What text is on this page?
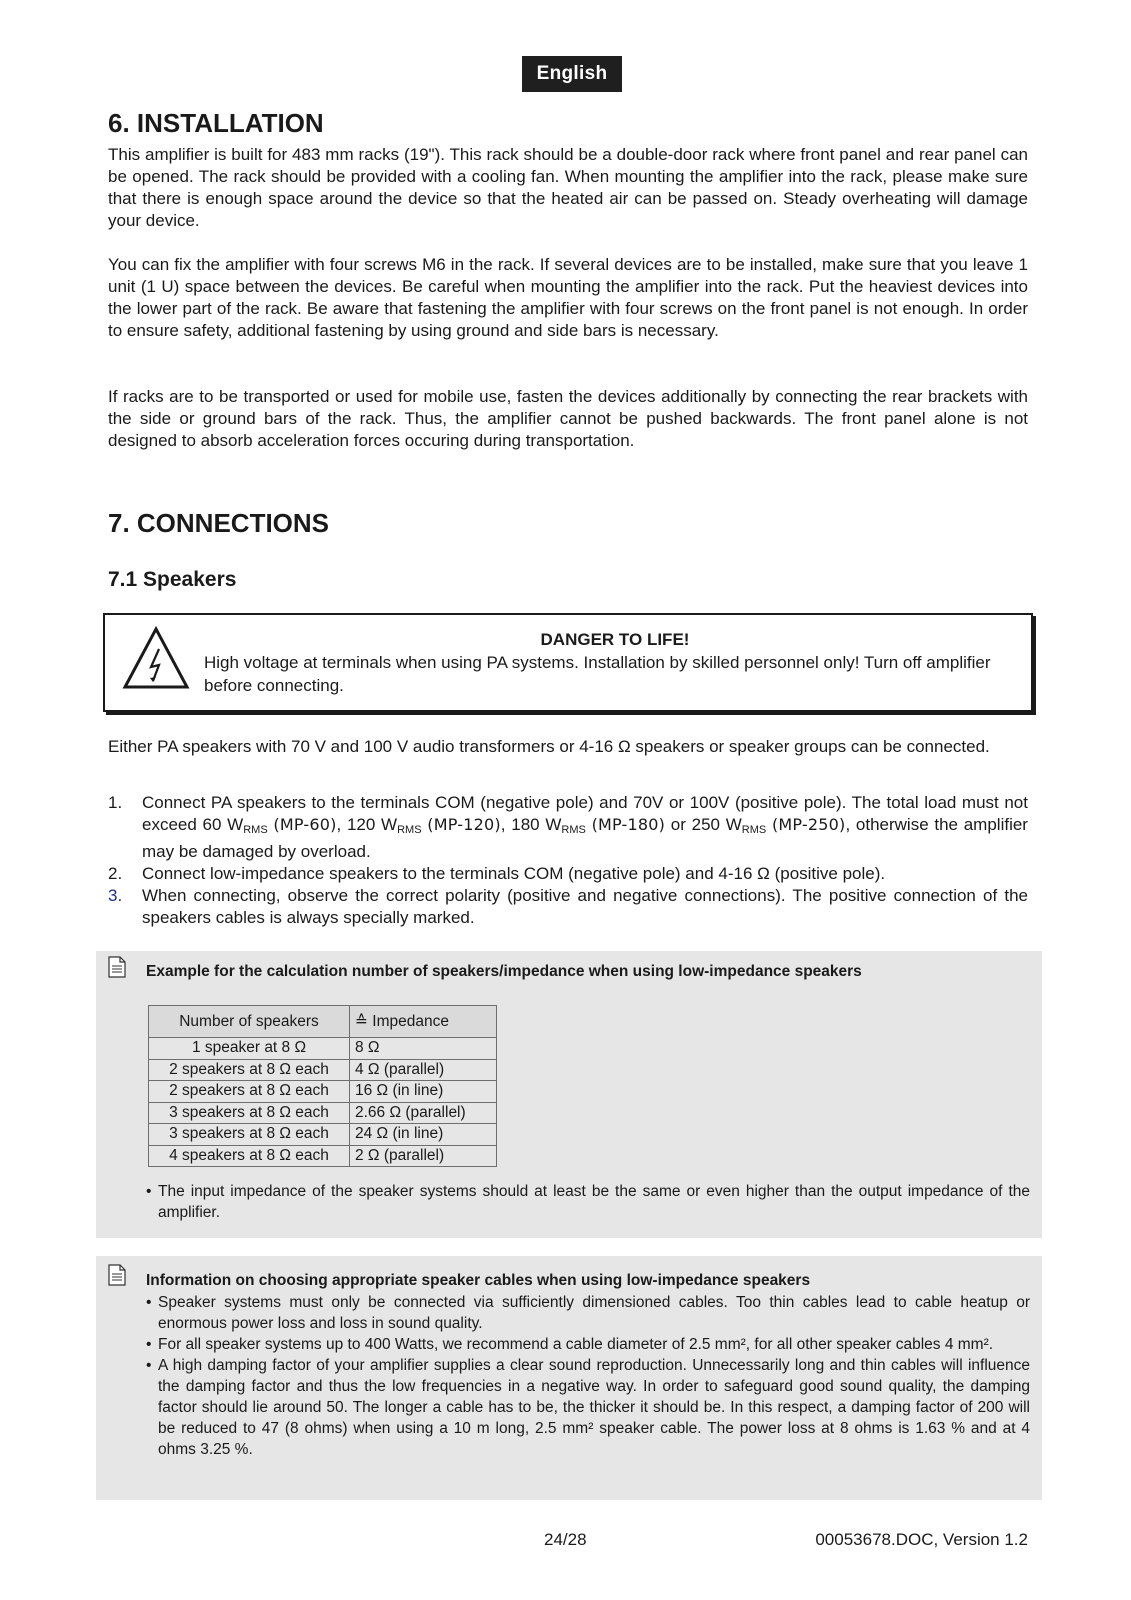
English
6. INSTALLATION

This amplifier is built for 483 mm racks (19"). This rack should be a double-door rack where front panel and rear panel can be opened. The rack should be provided with a cooling fan. When mounting the amplifier into the rack, please make sure that there is enough space around the device so that the heated air can be passed on. Steady overheating will damage your device.

You can fix the amplifier with four screws M6 in the rack. If several devices are to be installed, make sure that you leave 1 unit (1 U) space between the devices. Be careful when mounting the amplifier into the rack. Put the heaviest devices into the lower part of the rack. Be aware that fastening the amplifier with four screws on the front panel is not enough. In order to ensure safety, additional fastening by using ground and side bars is necessary.

If racks are to be transported or used for mobile use, fasten the devices additionally by connecting the rear brackets with the side or ground bars of the rack. Thus, the amplifier cannot be pushed backwards. The front panel alone is not designed to absorb acceleration forces occuring during transportation.

7. CONNECTIONS
7.1 Speakers
DANGER TO LIFE!
High voltage at terminals when using PA systems. Installation by skilled personnel only! Turn off amplifier before connecting.

Either PA speakers with 70 V and 100 V audio transformers or 4-16 Ω speakers or speaker groups can be connected.

1. Connect PA speakers to the terminals COM (negative pole) and 70V or 100V (positive pole). The total load must not exceed 60 $W_{RMS}$ (MP-60), 120 $W_{RMS}$ (MP-120), 180 $W_{RMS}$ (MP-180) or 250 $W_{RMS}$ (MP-250), otherwise the amplifier may be damaged by overload.
2. Connect low-impedance speakers to the terminals COM (negative pole) and 4-16 Ω (positive pole).
3. When connecting, observe the correct polarity (positive and negative connections). The positive connection of the speakers cables is always specially marked.
Example for the calculation number of speakers/impedance when using low-impedance speakers
Number of speakers	≙ Impedance
1 speaker at 8 Ω	8 Ω
2 speakers at 8 Ω each	4 Ω (parallel)
2 speakers at 8 Ω each	16 Ω (in line)
3 speakers at 8 Ω each	2.66 Ω (parallel)
3 speakers at 8 Ω each	24 Ω (in line)
4 speakers at 8 Ω each	2 Ω (parallel)
• The input impedance of the speaker systems should at least be the same or even higher than the output impedance of the amplifier.
Information on choosing appropriate speaker cables when using low-impedance speakers
• Speaker systems must only be connected via sufficiently dimensioned cables. Too thin cables lead to cable heatup or enormous power loss and loss in sound quality.
• For all speaker systems up to 400 Watts, we recommend a cable diameter of 2.5 mm², for all other speaker cables 4 mm².
• A high damping factor of your amplifier supplies a clear sound reproduction. Unnecessarily long and thin cables will influence the damping factor and thus the low frequencies in a negative way. In order to safeguard good sound quality, the damping factor should lie around 50. The longer a cable has to be, the thicker it should be. In this respect, a damping factor of 200 will be reduced to 47 (8 ohms) when using a 10 m long, 2.5 mm² speaker cable. The power loss at 8 ohms is 1.63 % and at 4 ohms 3.25 %.
24/28	00053678.DOC, Version 1.2
